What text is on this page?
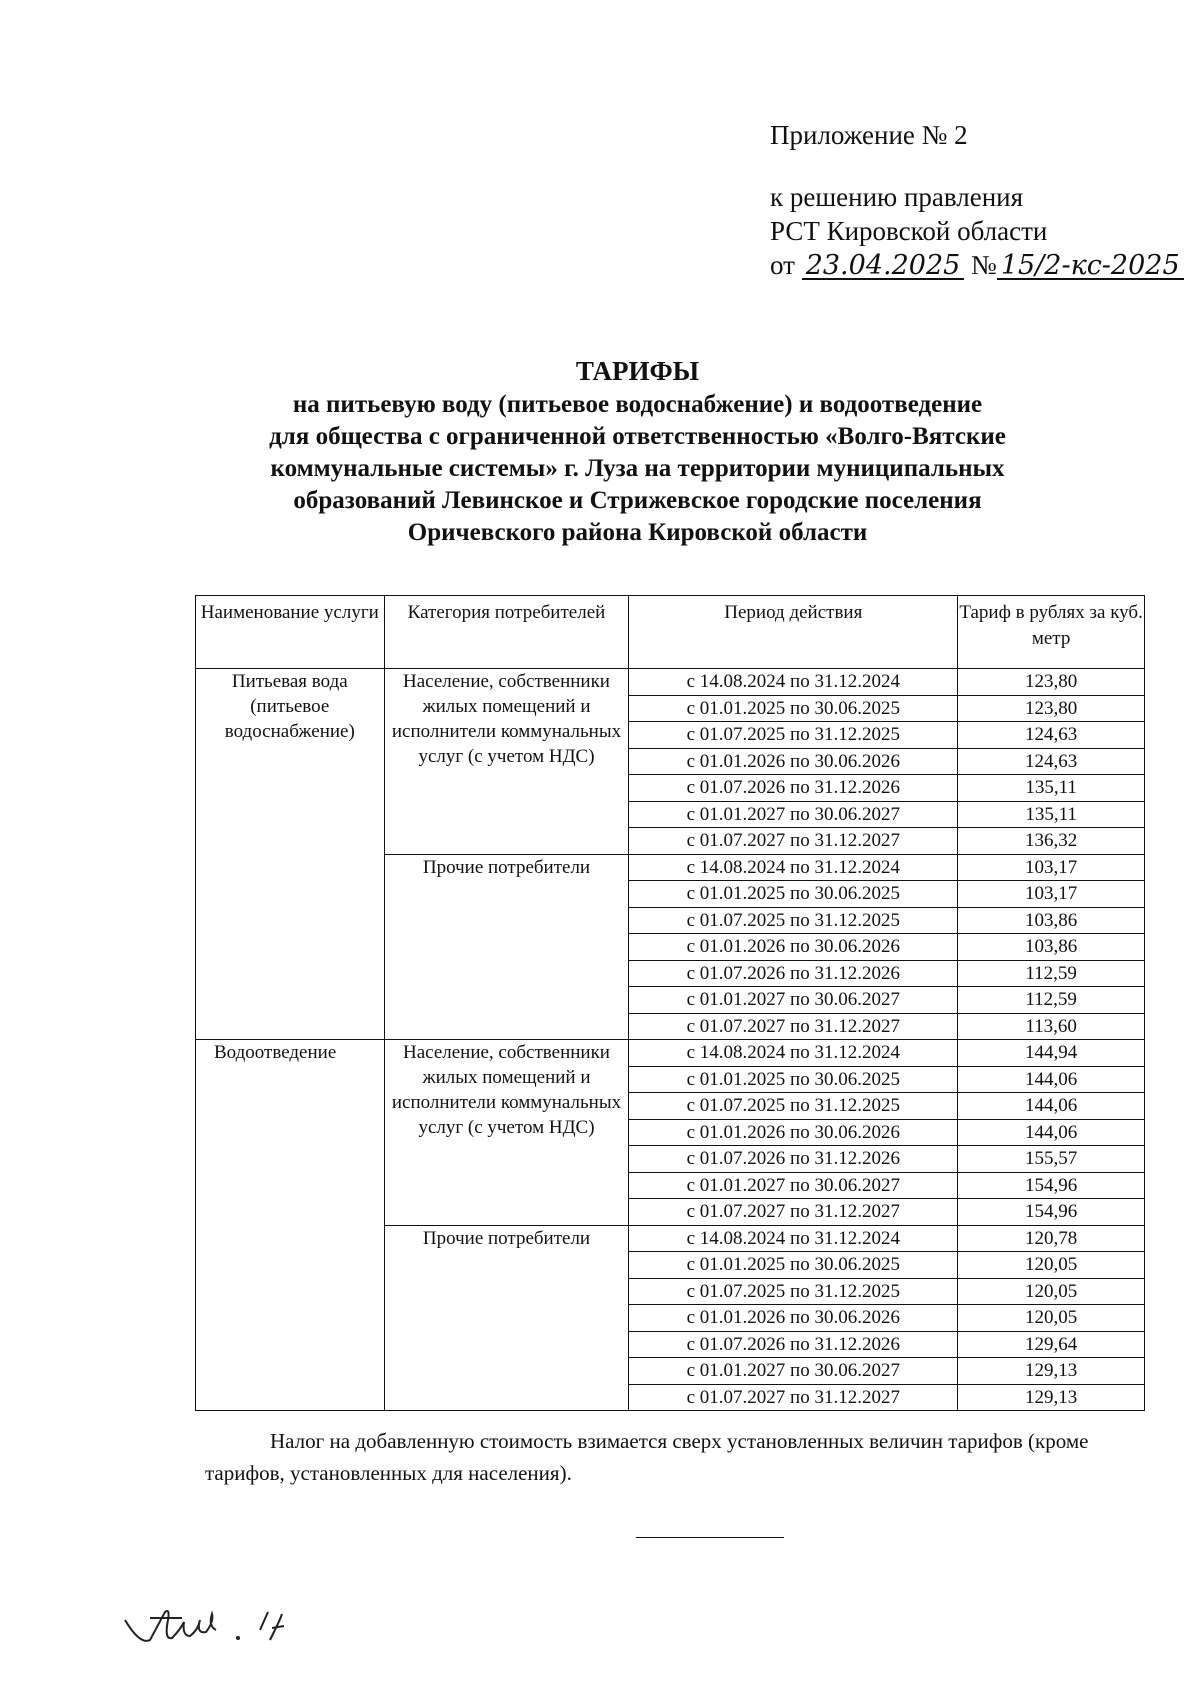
Приложение № 2
к решению правления
РСТ Кировской области
от 23.04.2025 № 15/2-кс-2025
ТАРИФЫ
на питьевую воду (питьевое водоснабжение) и водоотведение
для общества с ограниченной ответственностью «Волго-Вятские
коммунальные системы» г. Луза на территории муниципальных
образований Левинское и Стрижевское городские поселения
Оричевского района Кировской области
Наименование услуги	Категория потребителей	Период действия	Тариф в рублях за куб. метр
Питьевая вода (питьевое водоснабжение)	Население, собственники жилых помещений и исполнители коммунальных услуг (с учетом НДС)	с 14.08.2024 по 31.12.2024	123,80
		с 01.01.2025 по 30.06.2025	123,80
		с 01.07.2025 по 31.12.2025	124,63
		с 01.01.2026 по 30.06.2026	124,63
		с 01.07.2026 по 31.12.2026	135,11
		с 01.01.2027 по 30.06.2027	135,11
		с 01.07.2027 по 31.12.2027	136,32
	Прочие потребители	с 14.08.2024 по 31.12.2024	103,17
		с 01.01.2025 по 30.06.2025	103,17
		с 01.07.2025 по 31.12.2025	103,86
		с 01.01.2026 по 30.06.2026	103,86
		с 01.07.2026 по 31.12.2026	112,59
		с 01.01.2027 по 30.06.2027	112,59
		с 01.07.2027 по 31.12.2027	113,60
Водоотведение	Население, собственники жилых помещений и исполнители коммунальных услуг (с учетом НДС)	с 14.08.2024 по 31.12.2024	144,94
		с 01.01.2025 по 30.06.2025	144,06
		с 01.07.2025 по 31.12.2025	144,06
		с 01.01.2026 по 30.06.2026	144,06
		с 01.07.2026 по 31.12.2026	155,57
		с 01.01.2027 по 30.06.2027	154,96
		с 01.07.2027 по 31.12.2027	154,96
	Прочие потребители	с 14.08.2024 по 31.12.2024	120,78
		с 01.01.2025 по 30.06.2025	120,05
		с 01.07.2025 по 31.12.2025	120,05
		с 01.01.2026 по 30.06.2026	120,05
		с 01.07.2026 по 31.12.2026	129,64
		с 01.01.2027 по 30.06.2027	129,13
		с 01.07.2027 по 31.12.2027	129,13
Налог на добавленную стоимость взимается сверх установленных величин тарифов (кроме тарифов, установленных для населения).
